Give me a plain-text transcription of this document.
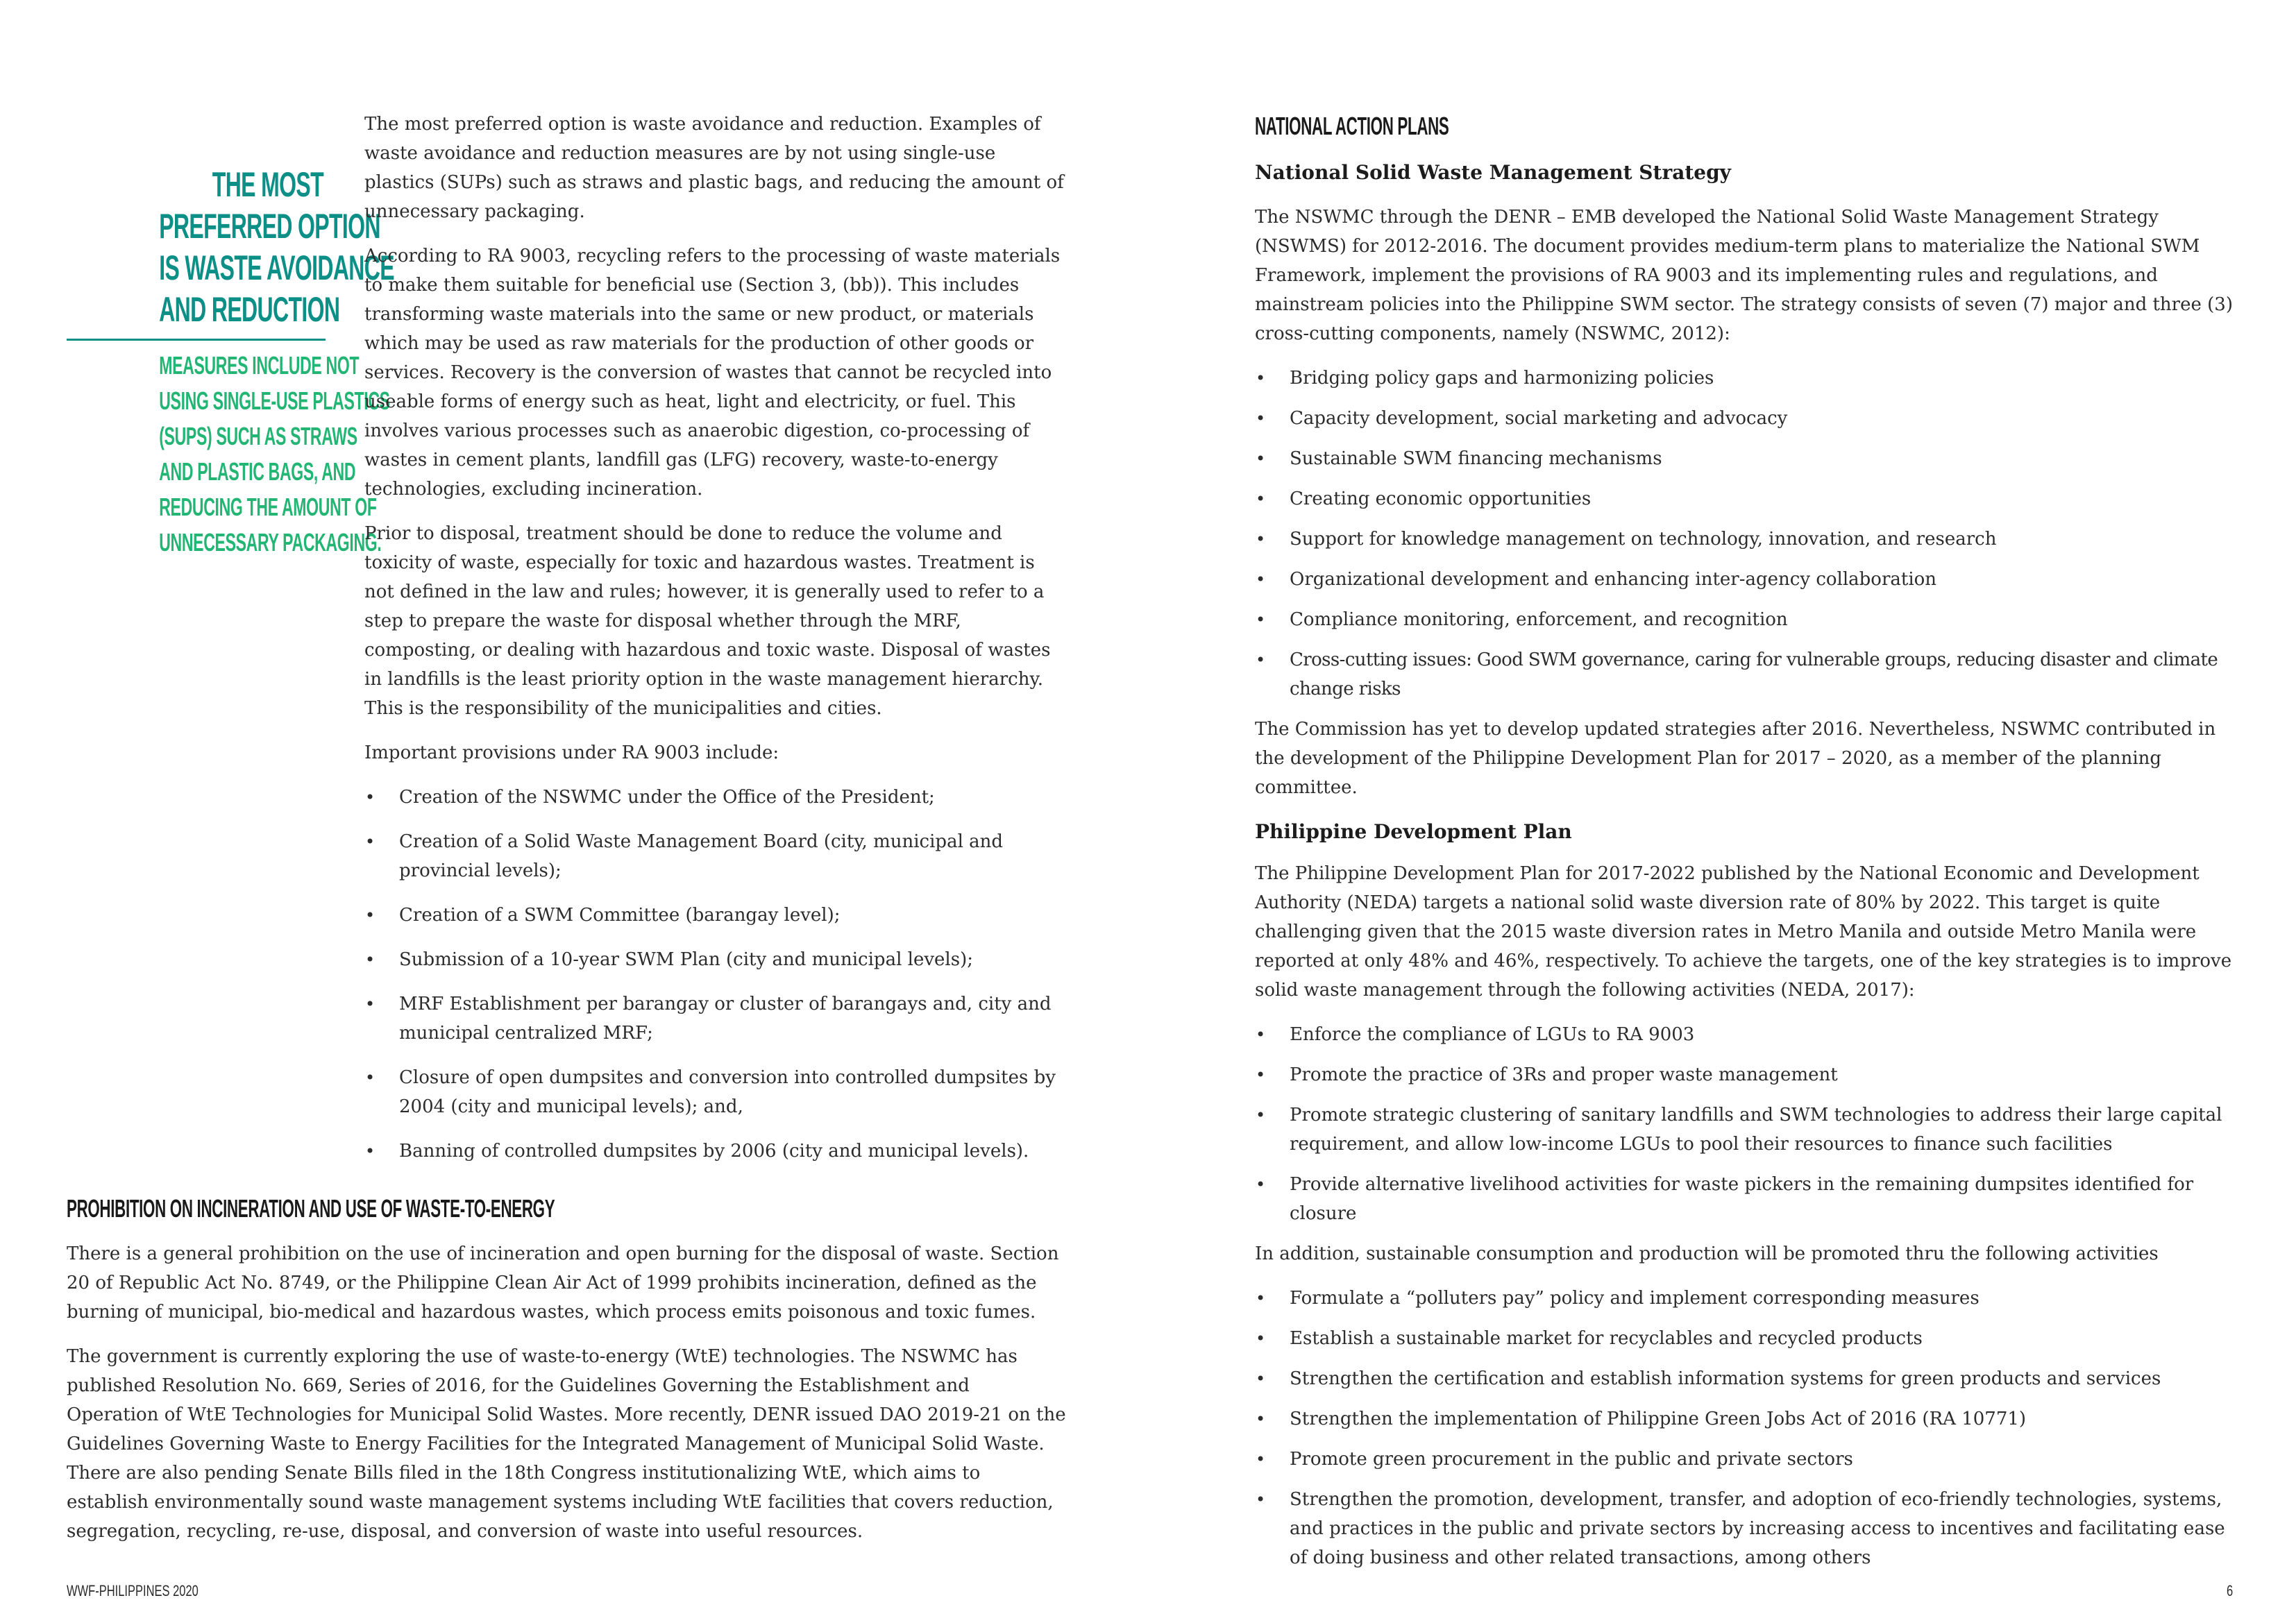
THE MOST
PREFERRED OPTION
IS WASTE AVOIDANCE
AND REDUCTION
MEASURES INCLUDE NOT
USING SINGLE-USE PLASTICS
(SUPS) SUCH AS STRAWS
AND PLASTIC BAGS, AND
REDUCING THE AMOUNT OF
UNNECESSARY PACKAGING.

The most preferred option is waste avoidance and reduction. Examples of waste avoidance and reduction measures are by not using single-use plastics (SUPs) such as straws and plastic bags, and reducing the amount of unnecessary packaging.

According to RA 9003, recycling refers to the processing of waste materials to make them suitable for beneficial use (Section 3, (bb)). This includes transforming waste materials into the same or new product, or materials which may be used as raw materials for the production of other goods or services. Recovery is the conversion of wastes that cannot be recycled into useable forms of energy such as heat, light and electricity, or fuel. This involves various processes such as anaerobic digestion, co-processing of wastes in cement plants, landfill gas (LFG) recovery, waste-to-energy technologies, excluding incineration.

Prior to disposal, treatment should be done to reduce the volume and toxicity of waste, especially for toxic and hazardous wastes. Treatment is not defined in the law and rules; however, it is generally used to refer to a step to prepare the waste for disposal whether through the MRF, composting, or dealing with hazardous and toxic waste. Disposal of wastes in landfills is the least priority option in the waste management hierarchy. This is the responsibility of the municipalities and cities.

Important provisions under RA 9003 include:

• Creation of the NSWMC under the Office of the President;
• Creation of a Solid Waste Management Board (city, municipal and provincial levels);
• Creation of a SWM Committee (barangay level);
• Submission of a 10-year SWM Plan (city and municipal levels);
• MRF Establishment per barangay or cluster of barangays and, city and municipal centralized MRF;
• Closure of open dumpsites and conversion into controlled dumpsites by 2004 (city and municipal levels); and,
• Banning of controlled dumpsites by 2006 (city and municipal levels).
PROHIBITION ON INCINERATION AND USE OF WASTE-TO-ENERGY

There is a general prohibition on the use of incineration and open burning for the disposal of waste. Section 20 of Republic Act No. 8749, or the Philippine Clean Air Act of 1999 prohibits incineration, defined as the burning of municipal, bio-medical and hazardous wastes, which process emits poisonous and toxic fumes.

The government is currently exploring the use of waste-to-energy (WtE) technologies. The NSWMC has published Resolution No. 669, Series of 2016, for the Guidelines Governing the Establishment and Operation of WtE Technologies for Municipal Solid Wastes. More recently, DENR issued DAO 2019-21 on the Guidelines Governing Waste to Energy Facilities for the Integrated Management of Municipal Solid Waste. There are also pending Senate Bills filed in the 18th Congress institutionalizing WtE, which aims to establish environmentally sound waste management systems including WtE facilities that covers reduction, segregation, recycling, re-use, disposal, and conversion of waste into useful resources.

NATIONAL ACTION PLANS
National Solid Waste Management Strategy

The NSWMC through the DENR – EMB developed the National Solid Waste Management Strategy (NSWMS) for 2012-2016. The document provides medium-term plans to materialize the National SWM Framework, implement the provisions of RA 9003 and its implementing rules and regulations, and mainstream policies into the Philippine SWM sector. The strategy consists of seven (7) major and three (3) cross-cutting components, namely (NSWMC, 2012):

• Bridging policy gaps and harmonizing policies
• Capacity development, social marketing and advocacy
• Sustainable SWM financing mechanisms
• Creating economic opportunities
• Support for knowledge management on technology, innovation, and research
• Organizational development and enhancing inter-agency collaboration
• Compliance monitoring, enforcement, and recognition
• Cross-cutting issues: Good SWM governance, caring for vulnerable groups, reducing disaster and climate change risks

The Commission has yet to develop updated strategies after 2016. Nevertheless, NSWMC contributed in the development of the Philippine Development Plan for 2017 – 2020, as a member of the planning committee.

Philippine Development Plan

The Philippine Development Plan for 2017-2022 published by the National Economic and Development Authority (NEDA) targets a national solid waste diversion rate of 80% by 2022. This target is quite challenging given that the 2015 waste diversion rates in Metro Manila and outside Metro Manila were reported at only 48% and 46%, respectively. To achieve the targets, one of the key strategies is to improve solid waste management through the following activities (NEDA, 2017):

• Enforce the compliance of LGUs to RA 9003
• Promote the practice of 3Rs and proper waste management
• Promote strategic clustering of sanitary landfills and SWM technologies to address their large capital requirement, and allow low-income LGUs to pool their resources to finance such facilities
• Provide alternative livelihood activities for waste pickers in the remaining dumpsites identified for closure

In addition, sustainable consumption and production will be promoted thru the following activities

• Formulate a “polluters pay” policy and implement corresponding measures
• Establish a sustainable market for recyclables and recycled products
• Strengthen the certification and establish information systems for green products and services
• Strengthen the implementation of Philippine Green Jobs Act of 2016 (RA 10771)
• Promote green procurement in the public and private sectors
• Strengthen the promotion, development, transfer, and adoption of eco-friendly technologies, systems, and practices in the public and private sectors by increasing access to incentives and facilitating ease of doing business and other related transactions, among others
WWF-PHILIPPINES 2020	6
